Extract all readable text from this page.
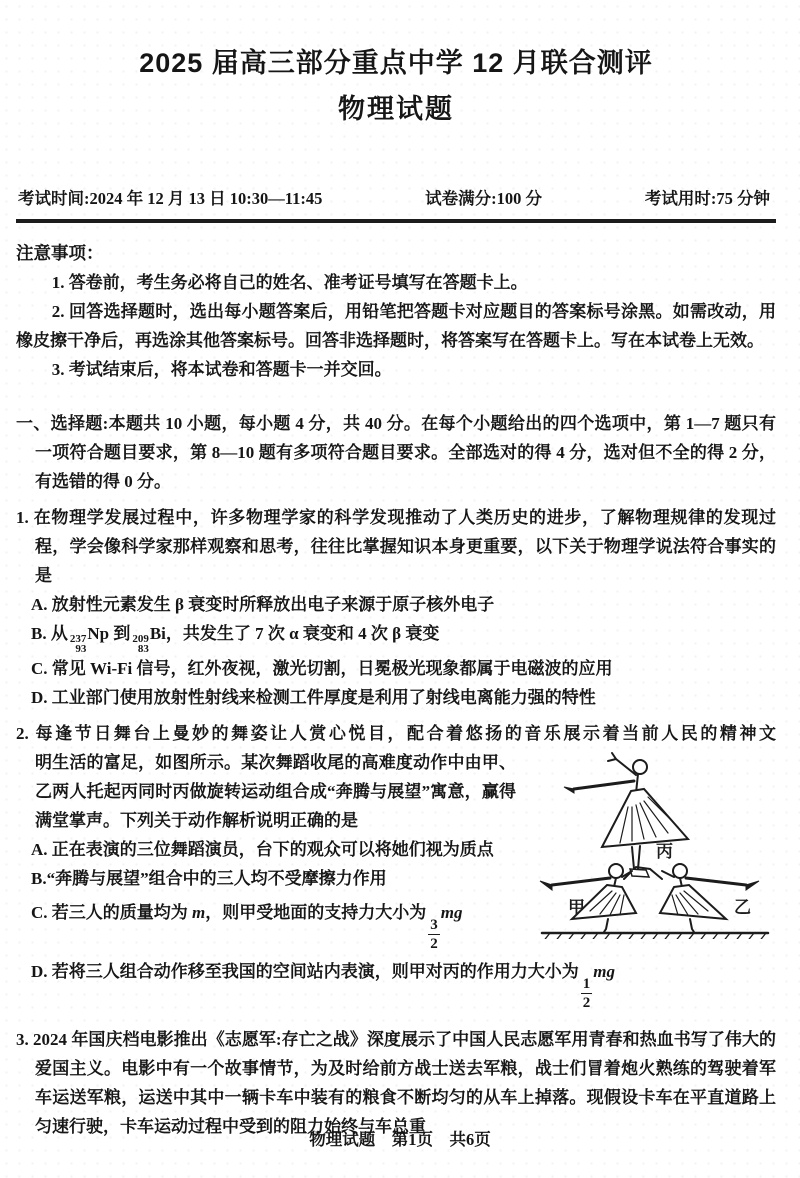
2025 届高三部分重点中学 12 月联合测评
物理试题
考试时间:2024 年 12 月 13 日 10:30—11:45	试卷满分:100 分	考试用时:75 分钟
注意事项：

1. 答卷前，考生务必将自己的姓名、准考证号填写在答题卡上。

2. 回答选择题时，选出每小题答案后，用铅笔把答题卡对应题目的答案标号涂黑。如需改动，用橡皮擦干净后，再选涂其他答案标号。回答非选择题时，将答案写在答题卡上。写在本试卷上无效。

3. 考试结束后，将本试卷和答题卡一并交回。

一、选择题:本题共 10 小题，每小题 4 分，共 40 分。在每个小题给出的四个选项中，第 1—7 题只有一项符合题目要求，第 8—10 题有多项符合题目要求。全部选对的得 4 分，选对但不全的得 2 分，有选错的得 0 分。

1. 在物理学发展过程中，许多物理学家的科学发现推动了人类历史的进步，了解物理规律的发现过程，学会像科学家那样观察和思考，往往比掌握知识本身更重要，以下关于物理学说法符合事实的是

A. 放射性元素发生 β 衰变时所释放出电子来源于原子核外电子

B. 从 237
93
Np 到 209
83
Bi，共发生了 7 次 α 衰变和 4 次 β 衰变

C. 常见 Wi-Fi 信号，红外夜视，激光切割，日冕极光现象都属于电磁波的应用

D. 工业部门使用放射性射线来检测工件厚度是利用了射线电离能力强的特性

2. 每逢节日舞台上曼妙的舞姿让人赏心悦目，配合着悠扬的音乐展示着当前人民的精神文

丙
甲	乙

明生活的富足，如图所示。某次舞蹈收尾的高难度动作中由甲、乙两人托起丙同时丙做旋转运动组合成“奔腾与展望”寓意，赢得满堂掌声。下列关于动作解析说明正确的是

A. 正在表演的三位舞蹈演员，台下的观众可以将她们视为质点

B.“奔腾与展望”组合中的三人均不受摩擦力作用

C. 若三人的质量均为 m，则甲受地面的支持力大小为
$\frac{3}{2}$
mg

D. 若将三人组合动作移至我国的空间站内表演，则甲对丙的作用力大小为
$\frac{1}{2}$
mg

3. 2024 年国庆档电影推出《志愿军:存亡之战》深度展示了中国人民志愿军用青春和热血书写了伟大的爱国主义。电影中有一个故事情节，为及时给前方战士送去军粮，战士们冒着炮火熟练的驾驶着军车运送军粮，运送中其中一辆卡车中装有的粮食不断均匀的从车上掉落。现假设卡车在平直道路上匀速行驶，卡车运动过程中受到的阻力始终与车总重

物理试题　第1页　共6页
